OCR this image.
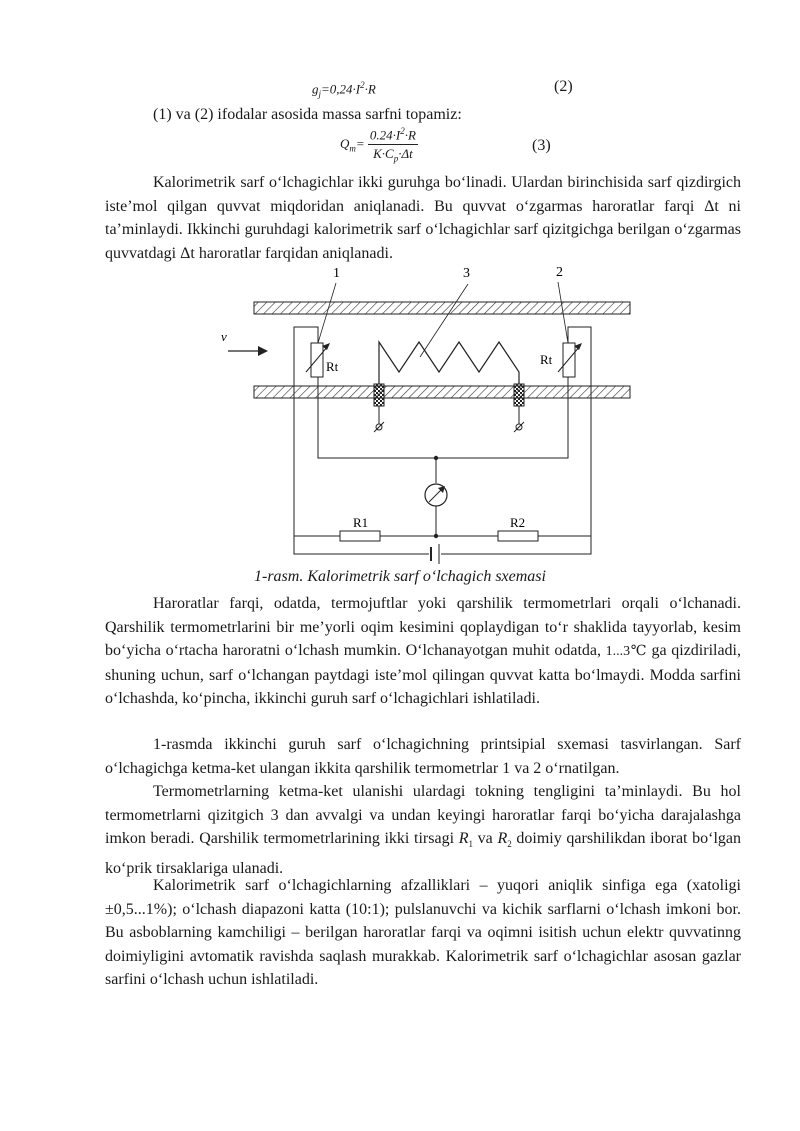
$g_j=0,24\cdot I^2\cdot R$	(2)
(1) va (2) ifodalar asosida massa sarfni topamiz:
$Q_m= \frac{0.24\cdot I^2\cdot R}{K\cdot C_p\cdot\Delta t}$	(3)
Kalorimetrik sarf o‘lchagichlar ikki guruhga bo‘linadi. Ulardan birinchisida sarf qizdirgich iste’mol qilgan quvvat miqdoridan aniqlanadi. Bu quvvat o‘zgarmas haroratlar farqi Δt ni ta’minlaydi. Ikkinchi guruhdagi kalorimetrik sarf o‘lchagichlar sarf qizitgichga berilgan o‘zgarmas quvvatdagi Δt haroratlar farqidan aniqlanadi.
v
R1	R2
Rt	Rt
1	3	2
1-rasm. Kalorimetrik sarf o‘lchagich sxemasi
Haroratlar farqi, odatda, termojuftlar yoki qarshilik termometrlari orqali o‘lchanadi. Qarshilik termometrlarini bir me’yorli oqim kesimini qoplaydigan to‘r shaklida tayyorlab, kesim bo‘yicha o‘rtacha haroratni o‘lchash mumkin. O‘lchanayotgan muhit odatda, 1...3℃ ga qizdiriladi, shuning uchun, sarf o‘lchangan paytdagi iste’mol qilingan quvvat katta bo‘lmaydi. Modda sarfini o‘lchashda, ko‘pincha, ikkinchi guruh sarf o‘lchagichlari ishlatiladi.
1-rasmda ikkinchi guruh sarf o‘lchagichning printsipial sxemasi tasvirlangan. Sarf o‘lchagichga ketma-ket ulangan ikkita qarshilik termometrlar 1 va 2 o‘rnatilgan.
Termometrlarning ketma-ket ulanishi ulardagi tokning tengligini ta’minlaydi. Bu hol termometrlarni qizitgich 3 dan avvalgi va undan keyingi haroratlar farqi bo‘yicha darajalashga imkon beradi. Qarshilik termometrlarining ikki tirsagi $R_1$ va $R_2$ doimiy qarshilikdan iborat bo‘lgan ko‘prik tirsaklariga ulanadi.
Kalorimetrik sarf o‘lchagichlarning afzalliklari – yuqori aniqlik sinfiga ega (xatoligi ±0,5...1%); o‘lchash diapazoni katta (10:1); pulslanuvchi va kichik sarflarni o‘lchash imkoni bor. Bu asboblarning kamchiligi – berilgan haroratlar farqi va oqimni isitish uchun elektr quvvatinng doimiyligini avtomatik ravishda saqlash murakkab. Kalorimetrik sarf o‘lchagichlar asosan gazlar sarfini o‘lchash uchun ishlatiladi.
